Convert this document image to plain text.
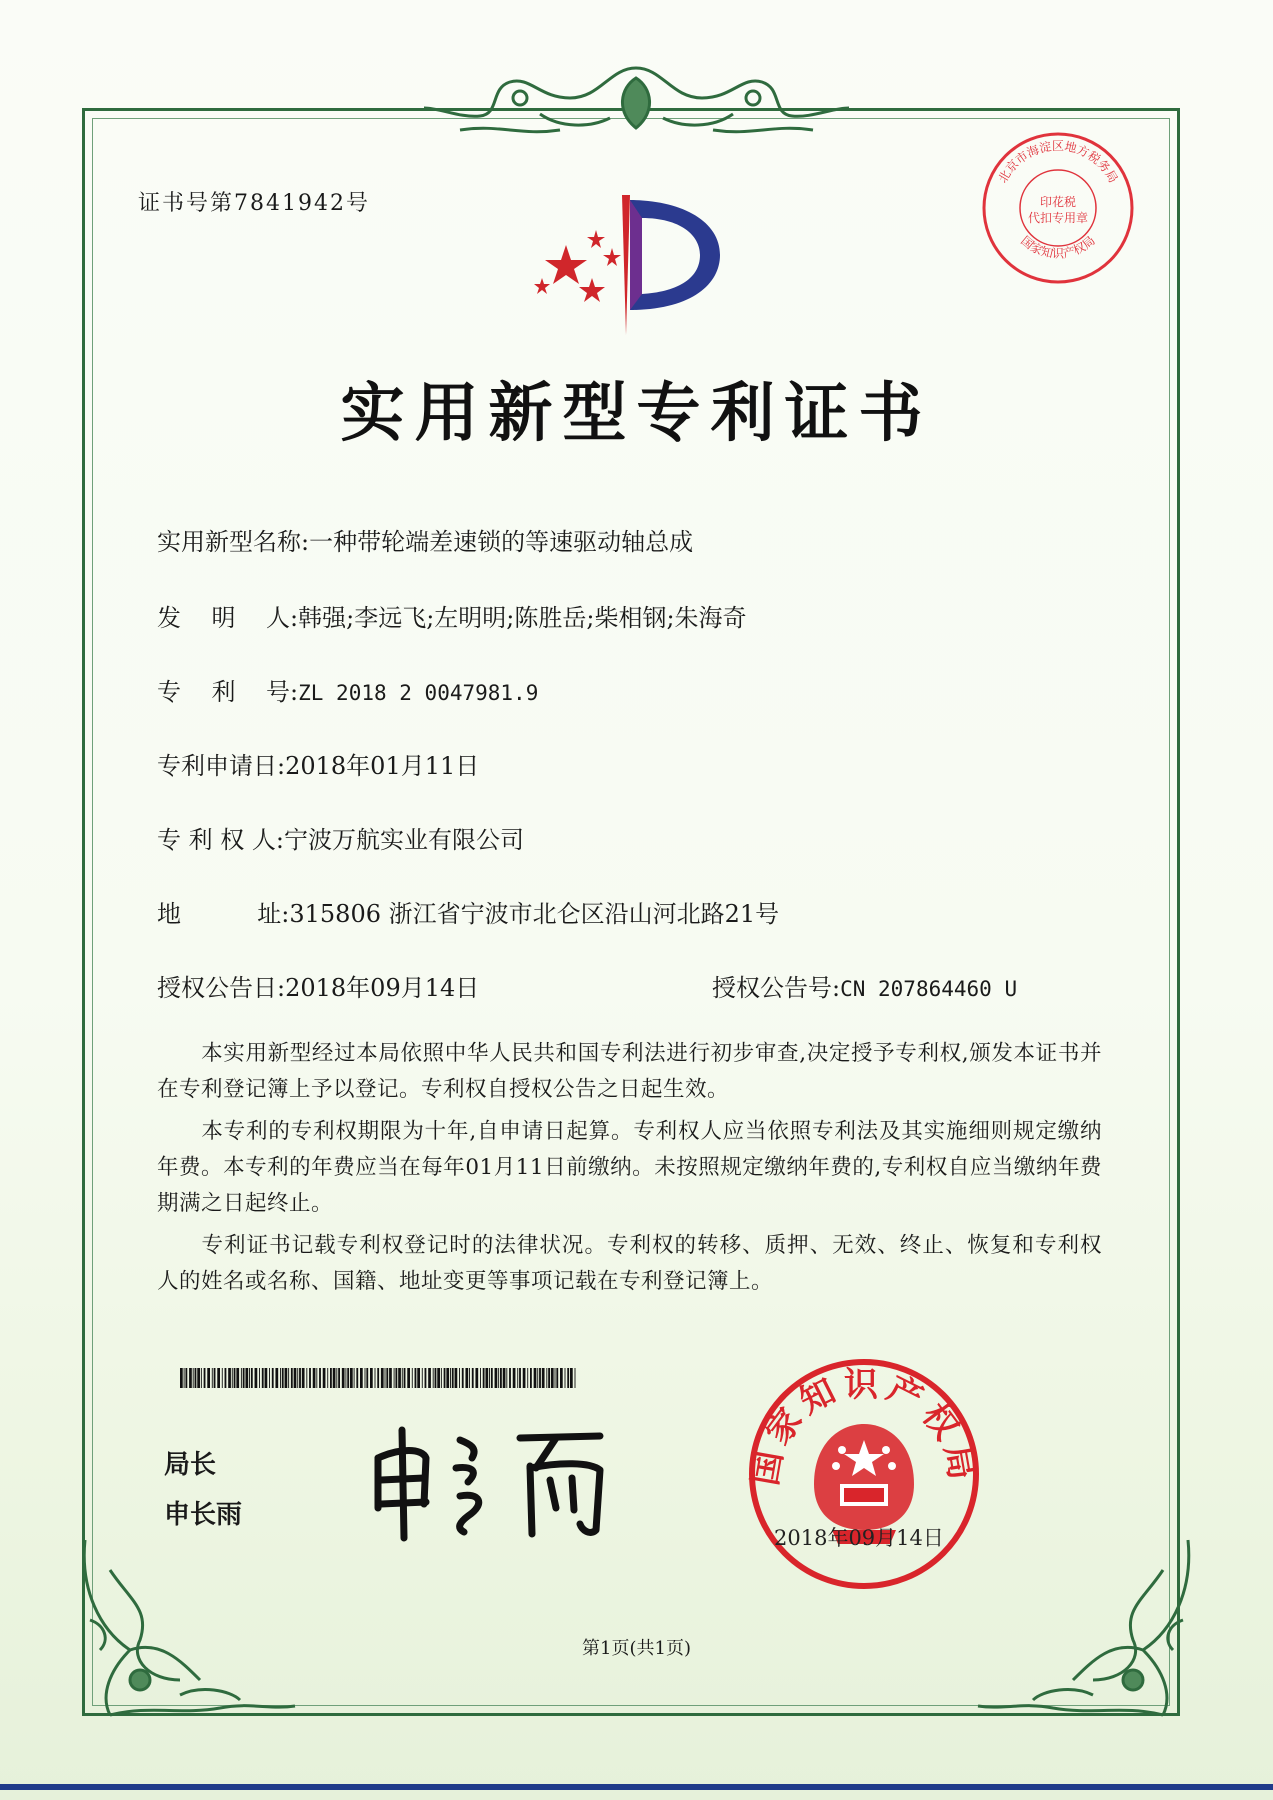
证书号第7841942号
北京市海淀区地方税务局
印花税
代扣专用章
国家知识产权局
实用新型专利证书
实用新型名称:一种带轮端差速锁的等速驱动轴总成
发    明    人:韩强;李远飞;左明明;陈胜岳;柴相钢;朱海奇
专    利    号:ZL 2018 2 0047981.9
专利申请日:2018年01月11日
专 利 权 人:宁波万航实业有限公司
地          址:315806 浙江省宁波市北仑区沿山河北路21号
授权公告日:2018年09月14日	授权公告号:CN 207864460 U
本实用新型经过本局依照中华人民共和国专利法进行初步审查,决定授予专利权,颁发本证书并在专利登记簿上予以登记。专利权自授权公告之日起生效。
本专利的专利权期限为十年,自申请日起算。专利权人应当依照专利法及其实施细则规定缴纳年费。本专利的年费应当在每年01月11日前缴纳。未按照规定缴纳年费的,专利权自应当缴纳年费期满之日起终止。
专利证书记载专利权登记时的法律状况。专利权的转移、质押、无效、终止、恢复和专利权人的姓名或名称、国籍、地址变更等事项记载在专利登记簿上。
局长
申长雨
国家知识产权局
2018年09月14日
第1页(共1页)
